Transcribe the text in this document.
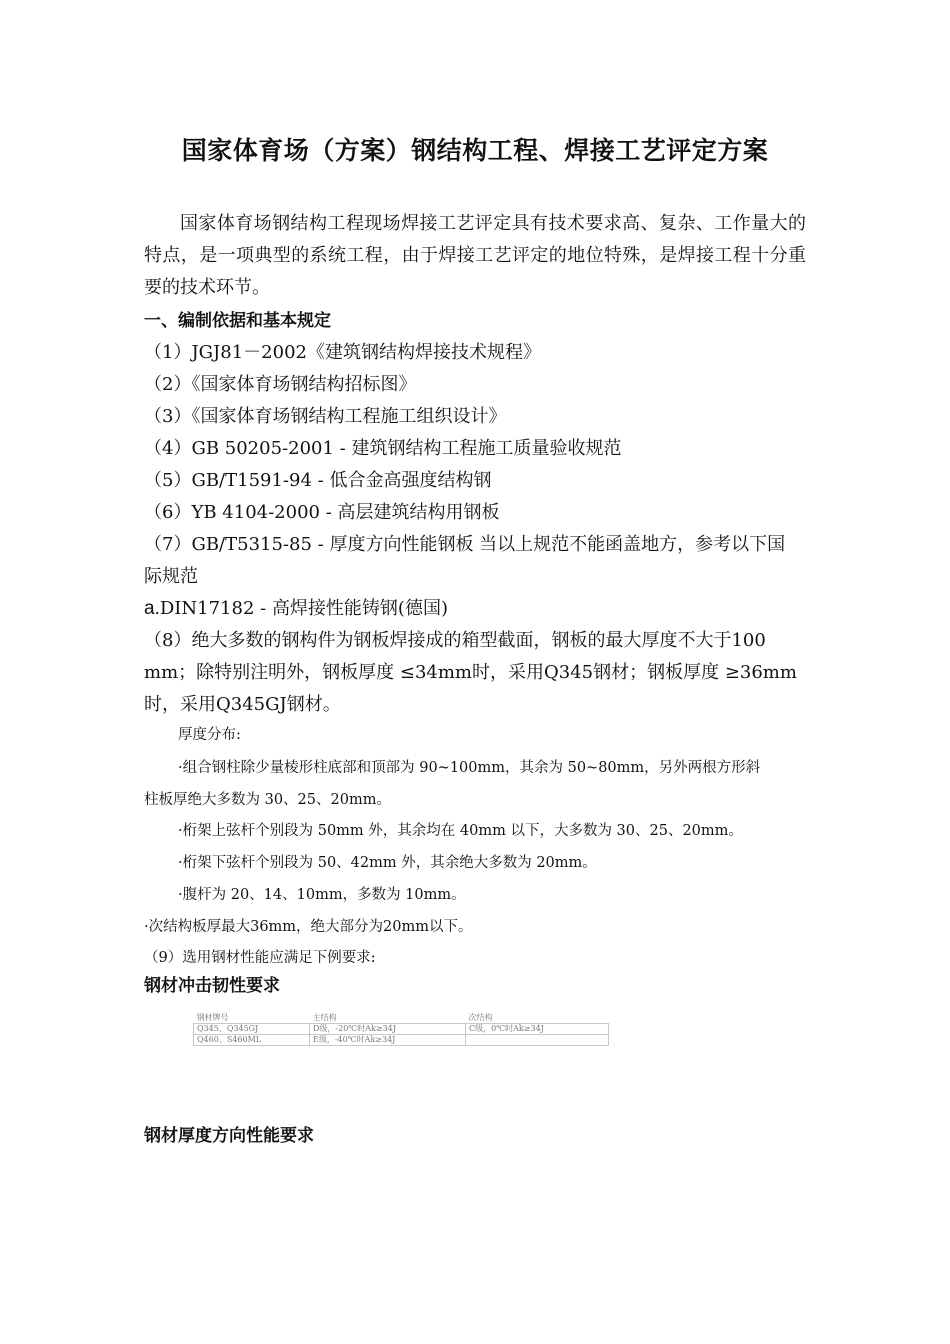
国家体育场（方案）钢结构工程、焊接工艺评定方案
国家体育场钢结构工程现场焊接工艺评定具有技术要求高、复杂、工作量大的特点，是一项典型的系统工程，由于焊接工艺评定的地位特殊，是焊接工程十分重要的技术环节。
一、编制依据和基本规定
（1）JGJ81－2002《建筑钢结构焊接技术规程》
（2）《国家体育场钢结构招标图》
（3）《国家体育场钢结构工程施工组织设计》
（4）GB 50205-2001 - 建筑钢结构工程施工质量验收规范
（5）GB/T1591-94 - 低合金高强度结构钢
（6）YB 4104-2000 - 高层建筑结构用钢板
（7）GB/T5315-85 - 厚度方向性能钢板 当以上规范不能函盖地方，参考以下国
际规范
a.DIN17182 - 高焊接性能铸钢(德国)
（8）绝大多数的钢构件为钢板焊接成的箱型截面，钢板的最大厚度不大于100
mm；除特别注明外，钢板厚度 ≤34mm时，采用Q345钢材；钢板厚度 ≥36mm
时，采用Q345GJ钢材。
厚度分布:
·组合钢柱除少量棱形柱底部和顶部为 90~100mm，其余为 50~80mm，另外两根方形斜
柱板厚绝大多数为 30、25、20mm。
·桁架上弦杆个别段为 50mm 外，其余均在 40mm 以下，大多数为 30、25、20mm。
·桁架下弦杆个别段为 50、42mm 外，其余绝大多数为 20mm。
·腹杆为 20、14、10mm，多数为 10mm。
·次结构板厚最大36mm，绝大部分为20mm以下。
（9）选用钢材性能应满足下例要求:
钢材冲击韧性要求
钢材牌号	主结构	次结构
Q345、Q345GJ	D级，-20℃时Ak≥34J	C级，0℃时Ak≥34J
Q460、S460ML	E级，-40℃时Ak≥34J	
钢材厚度方向性能要求
